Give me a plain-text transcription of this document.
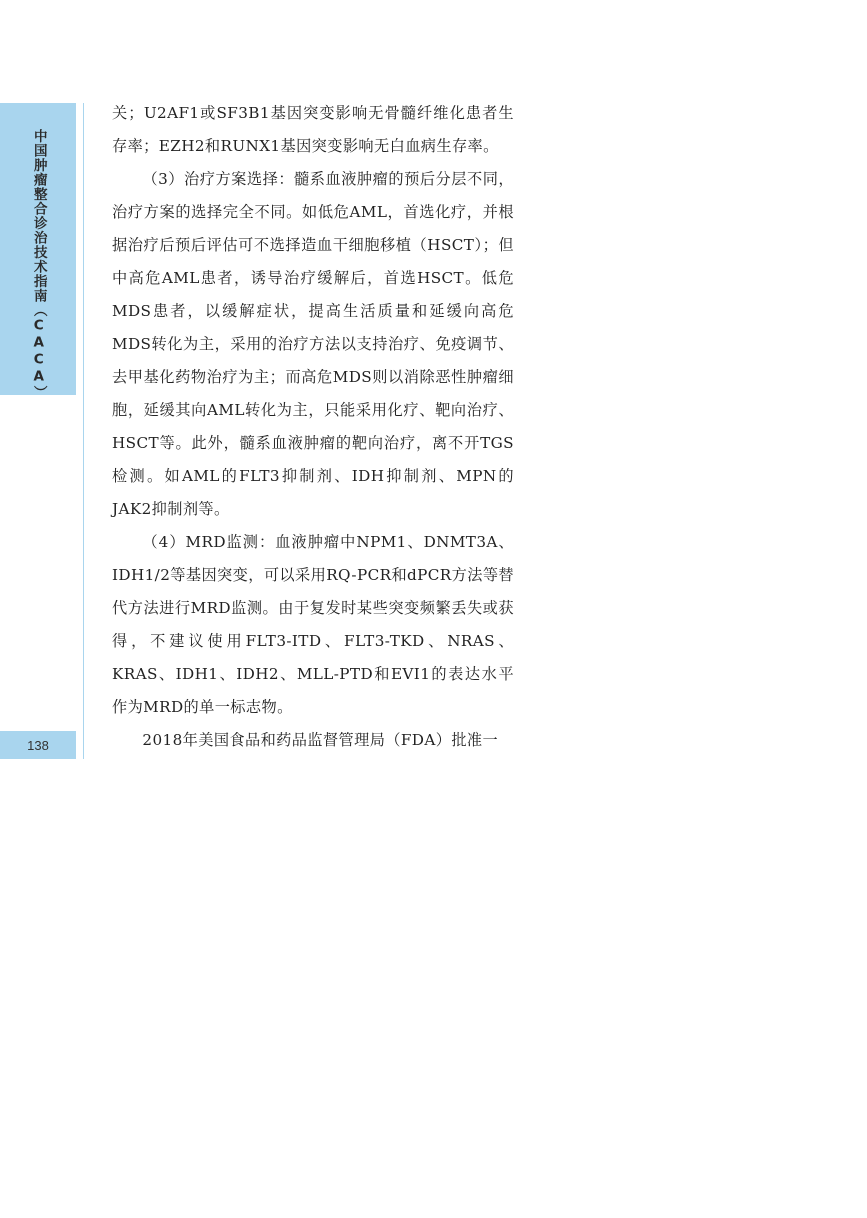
中国肿瘤整合诊治技术指南（CACA）
138

关；U2AF1或SF3B1基因突变影响无骨髓纤维化患者生存率；EZH2和RUNX1基因突变影响无白血病生存率。

（3）治疗方案选择：髓系血液肿瘤的预后分层不同，治疗方案的选择完全不同。如低危AML，首选化疗，并根据治疗后预后评估可不选择造血干细胞移植（HSCT）；但中高危AML患者，诱导治疗缓解后，首选HSCT。低危MDS患者，以缓解症状，提高生活质量和延缓向高危MDS转化为主，采用的治疗方法以支持治疗、免疫调节、去甲基化药物治疗为主；而高危MDS则以消除恶性肿瘤细胞，延缓其向AML转化为主，只能采用化疗、靶向治疗、HSCT等。此外，髓系血液肿瘤的靶向治疗，离不开TGS检测。如AML的FLT3抑制剂、IDH抑制剂、MPN的JAK2抑制剂等。

（4）MRD监测：血液肿瘤中NPM1、DNMT3A、IDH1/2等基因突变，可以采用RQ-PCR和dPCR方法等替代方法进行MRD监测。由于复发时某些突变频繁丢失或获得，不建议使用FLT3-ITD、FLT3-TKD、NRAS、KRAS、IDH1、IDH2、MLL-PTD和EVI1的表达水平作为MRD的单一标志物。

2018年美国食品和药品监督管理局（FDA）批准一
